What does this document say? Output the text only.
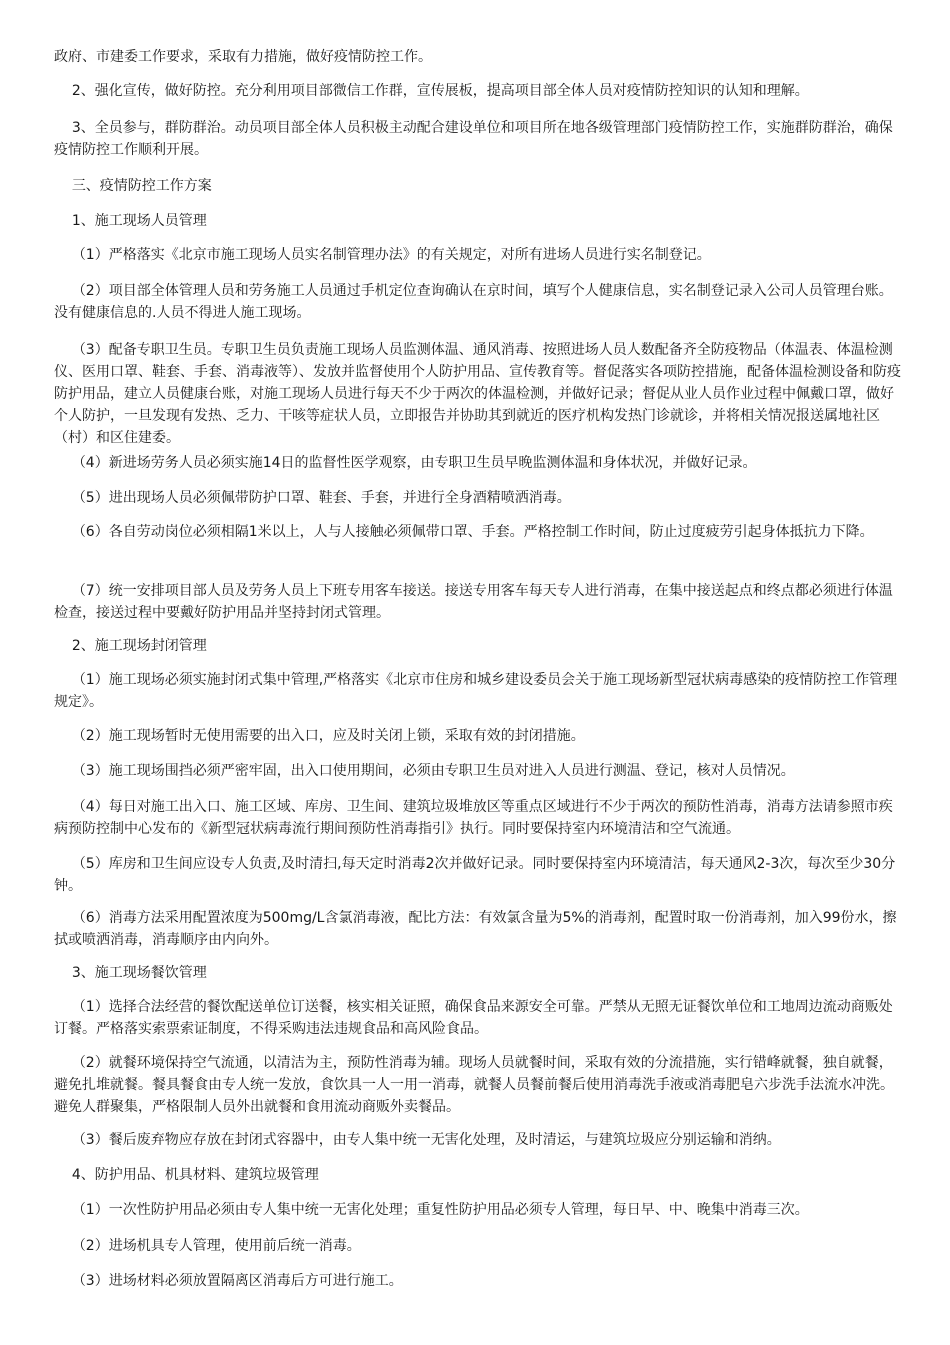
政府、市建委工作要求，采取有力措施，做好疫情防控工作。

2、强化宣传，做好防控。充分利用项目部微信工作群，宣传展板，提高项目部全体人员对疫情防控知识的认知和理解。

3、全员参与，群防群治。动员项目部全体人员积极主动配合建设单位和项目所在地各级管理部门疫情防控工作，实施群防群治，确保疫情防控工作顺利开展。

三、疫情防控工作方案

1、施工现场人员管理

（1）严格落实《北京市施工现场人员实名制管理办法》的有关规定，对所有进场人员进行实名制登记。

（2）项目部全体管理人员和劳务施工人员通过手机定位查询确认在京时间，填写个人健康信息，实名制登记录入公司人员管理台账。没有健康信息的.人员不得进人施工现场。

（3）配备专职卫生员。专职卫生员负责施工现场人员监测体温、通风消毒、按照进场人员人数配备齐全防疫物品（体温表、体温检测仪、医用口罩、鞋套、手套、消毒液等）、发放并监督使用个人防护用品、宣传教育等。督促落实各项防控措施，配备体温检测设备和防疫防护用品，建立人员健康台账，对施工现场人员进行每天不少于两次的体温检测，并做好记录；督促从业人员作业过程中佩戴口罩，做好个人防护，一旦发现有发热、乏力、干咳等症状人员，立即报告并协助其到就近的医疗机构发热门诊就诊，并将相关情况报送属地社区（村）和区住建委。

（4）新进场劳务人员必须实施14日的监督性医学观察，由专职卫生员早晚监测体温和身体状况，并做好记录。

（5）进出现场人员必须佩带防护口罩、鞋套、手套，并进行全身酒精喷洒消毒。

（6）各自劳动岗位必须相隔1米以上，人与人接触必须佩带口罩、手套。严格控制工作时间，防止过度疲劳引起身体抵抗力下降。

（7）统一安排项目部人员及劳务人员上下班专用客车接送。接送专用客车每天专人进行消毒，在集中接送起点和终点都必须进行体温检查，接送过程中要戴好防护用品并坚持封闭式管理。

2、施工现场封闭管理

（1）施工现场必须实施封闭式集中管理,严格落实《北京市住房和城乡建设委员会关于施工现场新型冠状病毒感染的疫情防控工作管理规定》。

（2）施工现场暂时无使用需要的出入口，应及时关闭上锁，采取有效的封闭措施。

（3）施工现场围挡必须严密牢固，出入口使用期间，必须由专职卫生员对进入人员进行测温、登记，核对人员情况。

（4）每日对施工出入口、施工区域、库房、卫生间、建筑垃圾堆放区等重点区域进行不少于两次的预防性消毒，消毒方法请参照市疾病预防控制中心发布的《新型冠状病毒流行期间预防性消毒指引》执行。同时要保持室内环境清洁和空气流通。

（5）库房和卫生间应设专人负责,及时清扫,每天定时消毒2次并做好记录。同时要保持室内环境清洁，每天通风2-3次，每次至少30分钟。

（6）消毒方法采用配置浓度为500mg/L含氯消毒液，配比方法：有效氯含量为5%的消毒剂，配置时取一份消毒剂，加入99份水，擦拭或喷洒消毒，消毒顺序由内向外。

3、施工现场餐饮管理

（1）选择合法经营的餐饮配送单位订送餐，核实相关证照，确保食品来源安全可靠。严禁从无照无证餐饮单位和工地周边流动商贩处订餐。严格落实索票索证制度，不得采购违法违规食品和高风险食品。

（2）就餐环境保持空气流通，以清洁为主，预防性消毒为辅。现场人员就餐时间，采取有效的分流措施，实行错峰就餐，独自就餐，避免扎堆就餐。餐具餐食由专人统一发放，食饮具一人一用一消毒，就餐人员餐前餐后使用消毒洗手液或消毒肥皂六步洗手法流水冲洗。避免人群聚集，严格限制人员外出就餐和食用流动商贩外卖餐品。

（3）餐后废弃物应存放在封闭式容器中，由专人集中统一无害化处理，及时清运，与建筑垃圾应分别运输和消纳。

4、防护用品、机具材料、建筑垃圾管理

（1）一次性防护用品必须由专人集中统一无害化处理；重复性防护用品必须专人管理，每日早、中、晚集中消毒三次。

（2）进场机具专人管理，使用前后统一消毒。

（3）进场材料必须放置隔离区消毒后方可进行施工。
